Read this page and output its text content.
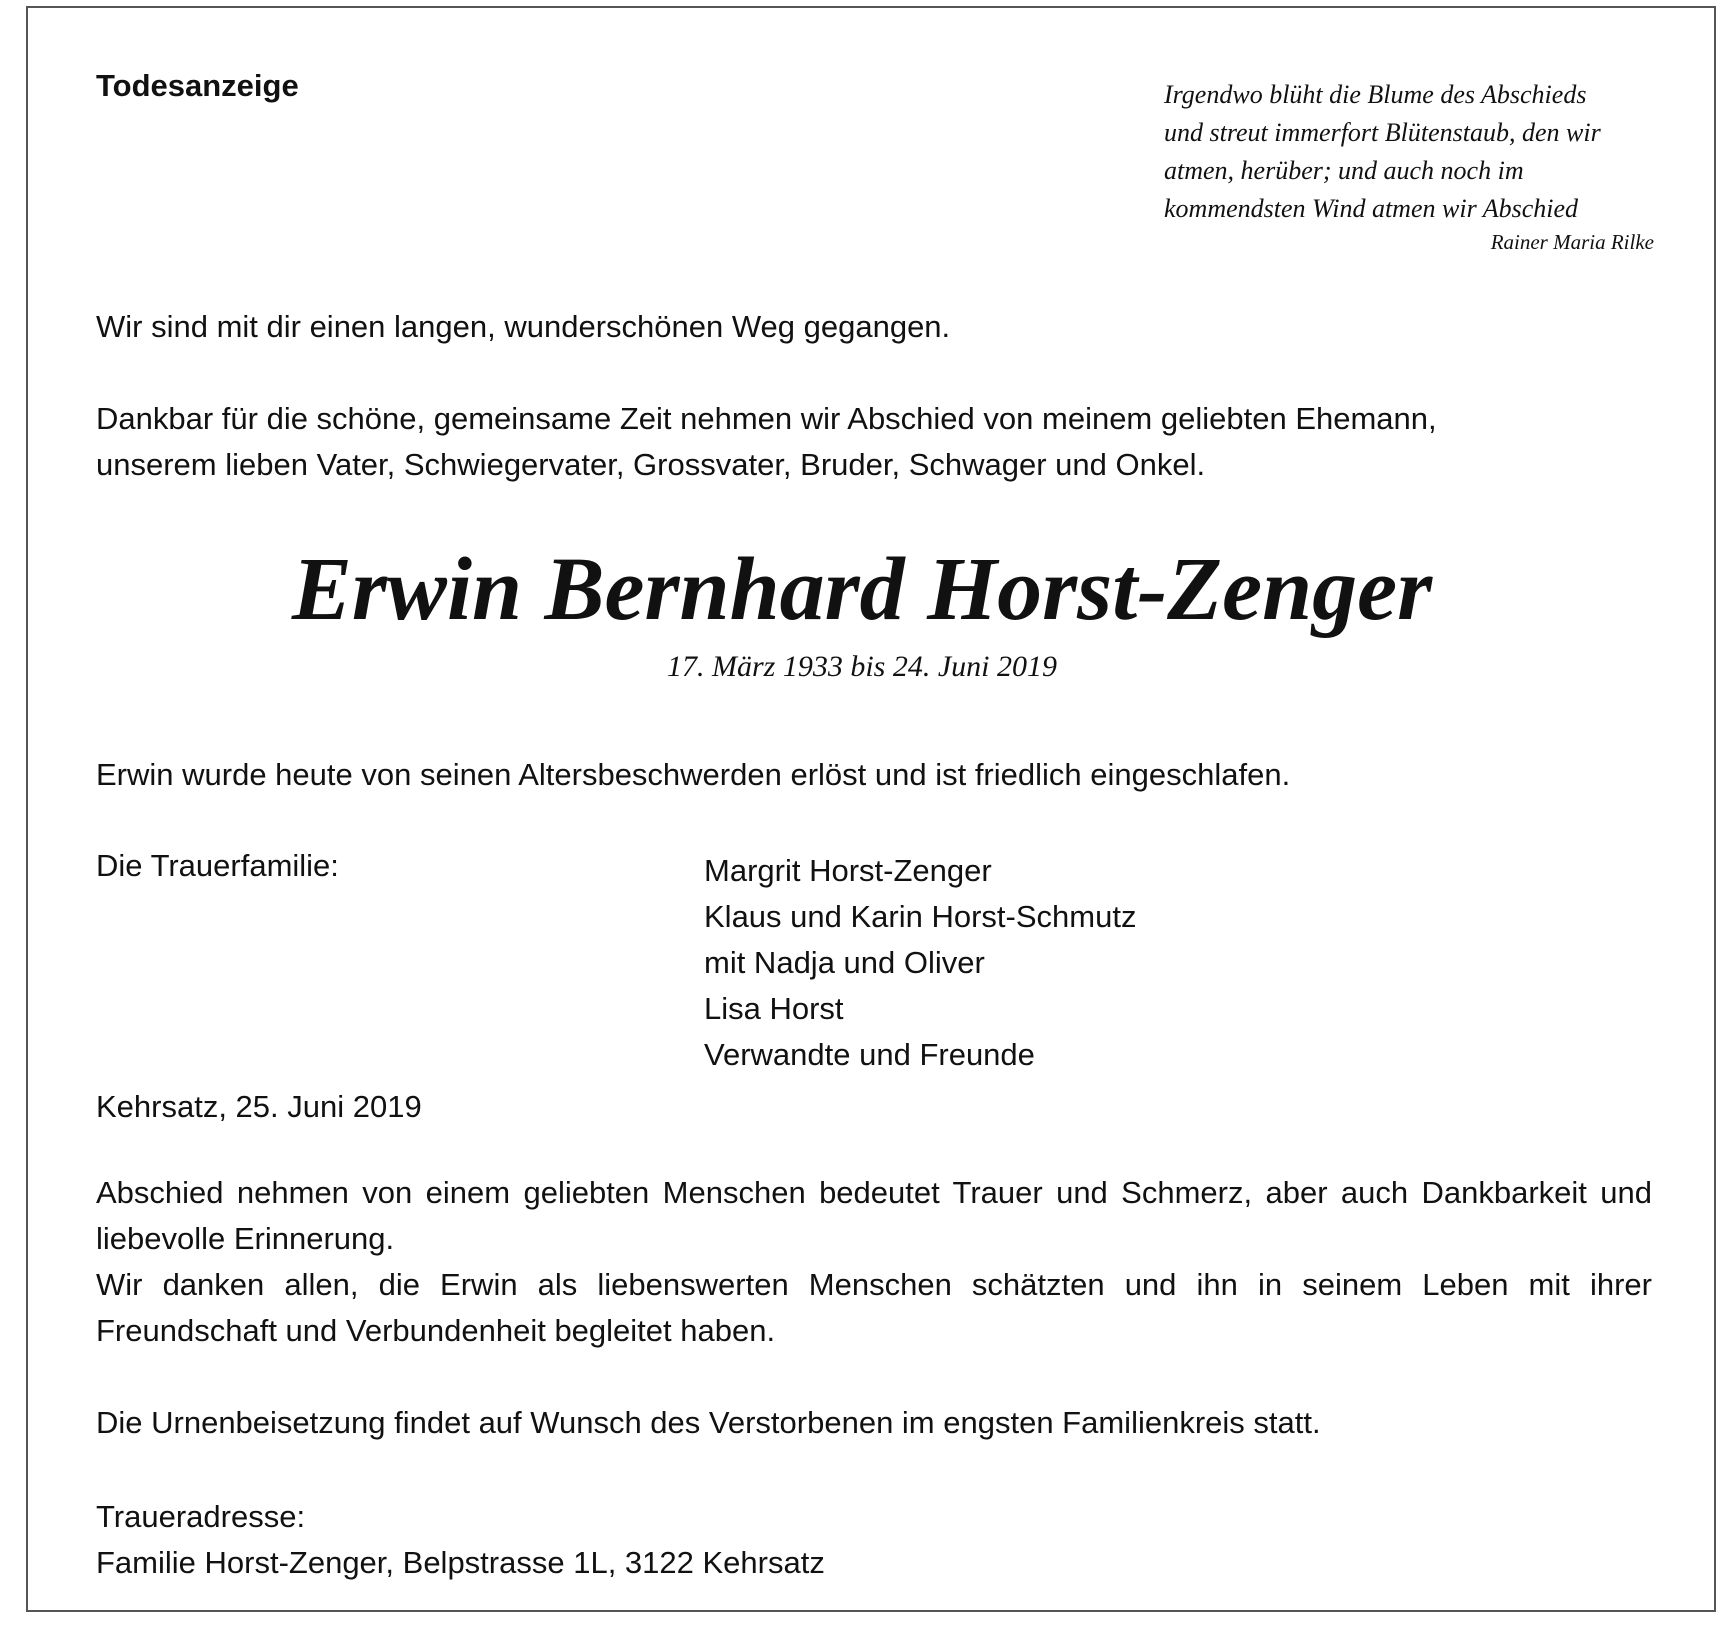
Todesanzeige	Irgendwo blüht die Blume des Abschieds
und streut immerfort Blütenstaub, den wir
atmen, herüber; und auch noch im
kommendsten Wind atmen wir Abschied
Rainer Maria Rilke
Wir sind mit dir einen langen, wunderschönen Weg gegangen.
Dankbar für die schöne, gemeinsame Zeit nehmen wir Abschied von meinem geliebten Ehemann,
unserem lieben Vater, Schwiegervater, Grossvater, Bruder, Schwager und Onkel.
Erwin Bernhard Horst-Zenger
17. März 1933 bis 24. Juni 2019
Erwin wurde heute von seinen Altersbeschwerden erlöst und ist friedlich eingeschlafen.
Die Trauerfamilie:	Margrit Horst-Zenger
Klaus und Karin Horst-Schmutz
mit Nadja und Oliver
Lisa Horst
Verwandte und Freunde
Kehrsatz, 25. Juni 2019
Abschied nehmen von einem geliebten Menschen bedeutet Trauer und Schmerz, aber auch Dankbarkeit und liebevolle Erinnerung.
Wir danken allen, die Erwin als liebenswerten Menschen schätzten und ihn in seinem Leben mit ihrer Freundschaft und Verbundenheit begleitet haben.
Die Urnenbeisetzung findet auf Wunsch des Verstorbenen im engsten Familienkreis statt.
Traueradresse:
Familie Horst-Zenger, Belpstrasse 1L, 3122 Kehrsatz
